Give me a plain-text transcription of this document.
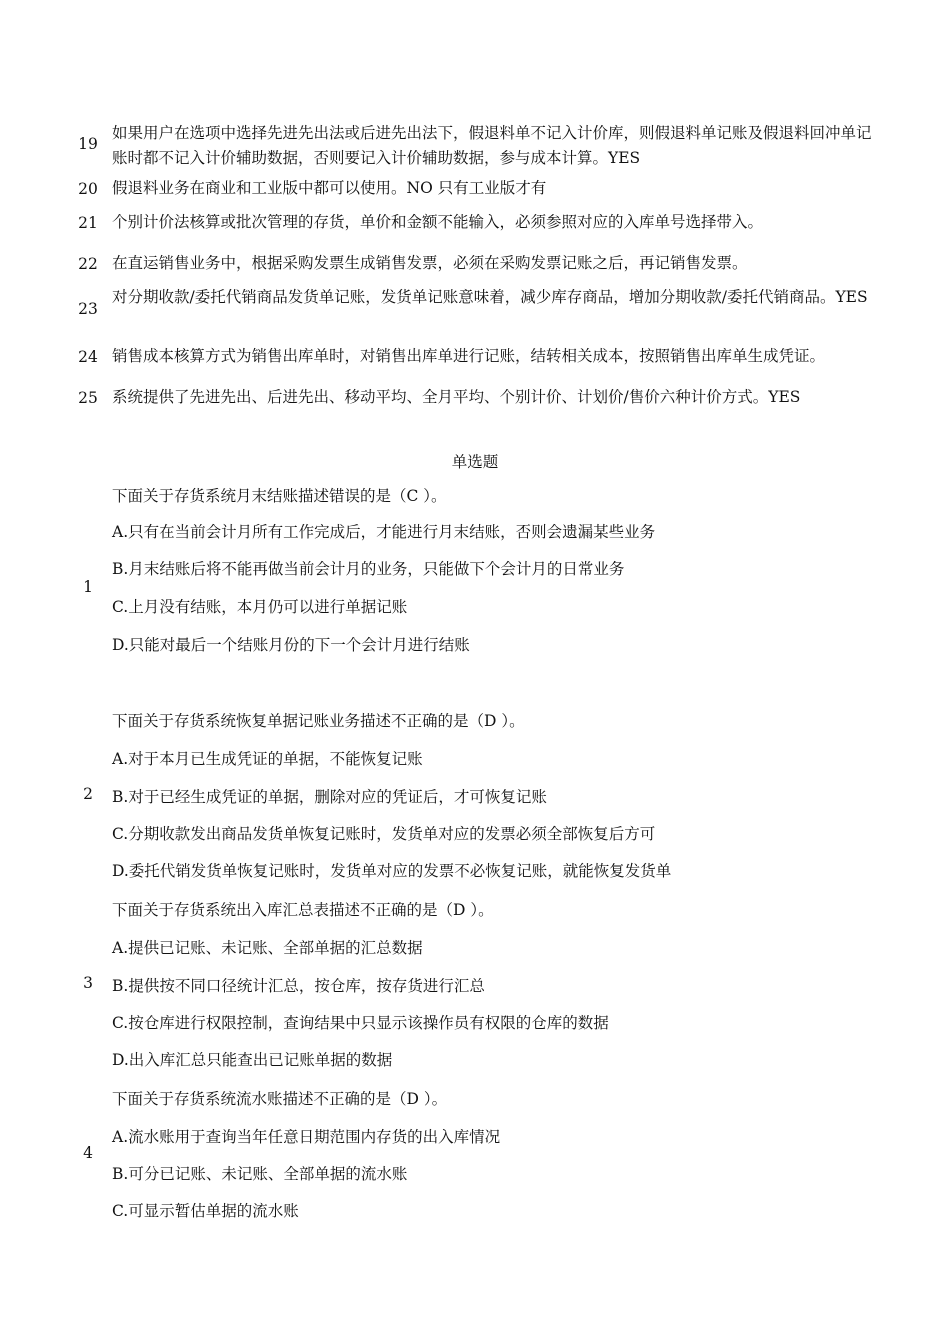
19
如果用户在选项中选择先进先出法或后进先出法下，假退料单不记入计价库，则假退料单记账及假退料回冲单记账时都不记入计价辅助数据，否则要记入计价辅助数据，参与成本计算。YES
20 假退料业务在商业和工业版中都可以使用。NO 只有工业版才有
21 个别计价法核算或批次管理的存货，单价和金额不能输入，必须参照对应的入库单号选择带入。
22 在直运销售业务中，根据采购发票生成销售发票，必须在采购发票记账之后，再记销售发票。
23
对分期收款/委托代销商品发货单记账，发货单记账意味着，减少库存商品，增加分期收款/委托代销商品。YES
24 销售成本核算方式为销售出库单时，对销售出库单进行记账，结转相关成本，按照销售出库单生成凭证。
25 系统提供了先进先出、后进先出、移动平均、全月平均、个别计价、计划价/售价六种计价方式。YES
单选题
1
下面关于存货系统月末结账描述错误的是（C ）。
A.只有在当前会计月所有工作完成后，才能进行月末结账，否则会遗漏某些业务
B.月末结账后将不能再做当前会计月的业务，只能做下个会计月的日常业务
C.上月没有结账，本月仍可以进行单据记账
D.只能对最后一个结账月份的下一个会计月进行结账
2
下面关于存货系统恢复单据记账业务描述不正确的是（D ）。
A.对于本月已生成凭证的单据，不能恢复记账
B.对于已经生成凭证的单据，删除对应的凭证后，才可恢复记账
C.分期收款发出商品发货单恢复记账时，发货单对应的发票必须全部恢复后方可
D.委托代销发货单恢复记账时，发货单对应的发票不必恢复记账，就能恢复发货单
3
下面关于存货系统出入库汇总表描述不正确的是（D ）。
A.提供已记账、未记账、全部单据的汇总数据
B.提供按不同口径统计汇总，按仓库，按存货进行汇总
C.按仓库进行权限控制，查询结果中只显示该操作员有权限的仓库的数据
D.出入库汇总只能查出已记账单据的数据
4
下面关于存货系统流水账描述不正确的是（D ）。
A.流水账用于查询当年任意日期范围内存货的出入库情况
B.可分已记账、未记账、全部单据的流水账
C.可显示暂估单据的流水账
